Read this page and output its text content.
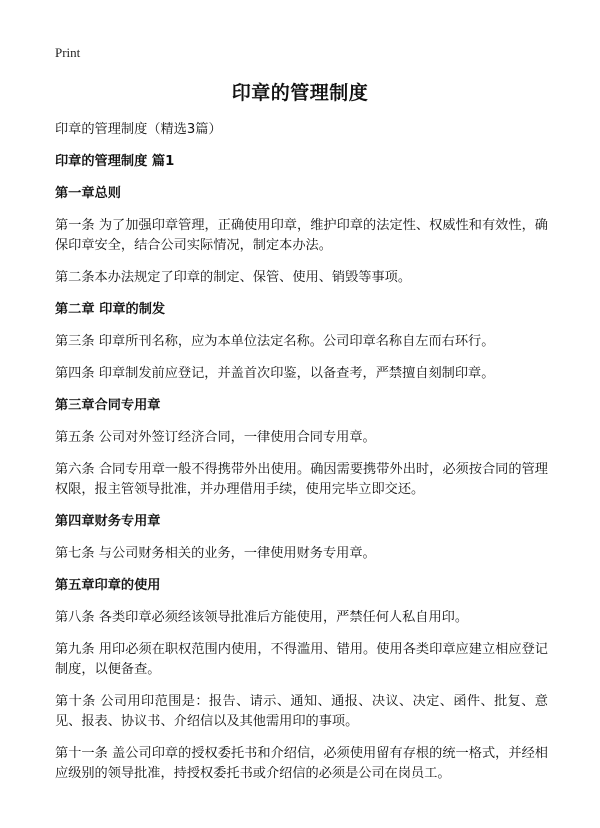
Print
印章的管理制度
印章的管理制度（精选3篇）
印章的管理制度 篇1
第一章总则
第一条 为了加强印章管理，正确使用印章，维护印章的法定性、权威性和有效性，确保印章安全，结合公司实际情况，制定本办法。
第二条本办法规定了印章的制定、保管、使用、销毁等事项。
第二章 印章的制发
第三条 印章所刊名称，应为本单位法定名称。公司印章名称自左而右环行。
第四条 印章制发前应登记，并盖首次印鉴，以备查考，严禁擅自刻制印章。
第三章合同专用章
第五条 公司对外签订经济合同，一律使用合同专用章。
第六条 合同专用章一般不得携带外出使用。确因需要携带外出时，必须按合同的管理权限，报主管领导批准，并办理借用手续，使用完毕立即交还。
第四章财务专用章
第七条 与公司财务相关的业务，一律使用财务专用章。
第五章印章的使用
第八条 各类印章必须经该领导批准后方能使用，严禁任何人私自用印。
第九条 用印必须在职权范围内使用，不得滥用、错用。使用各类印章应建立相应登记制度，以便备查。
第十条 公司用印范围是：报告、请示、通知、通报、决议、决定、函件、批复、意见、报表、协议书、介绍信以及其他需用印的事项。
第十一条 盖公司印章的授权委托书和介绍信，必须使用留有存根的统一格式，并经相应级别的领导批准，持授权委托书或介绍信的必须是公司在岗员工。
